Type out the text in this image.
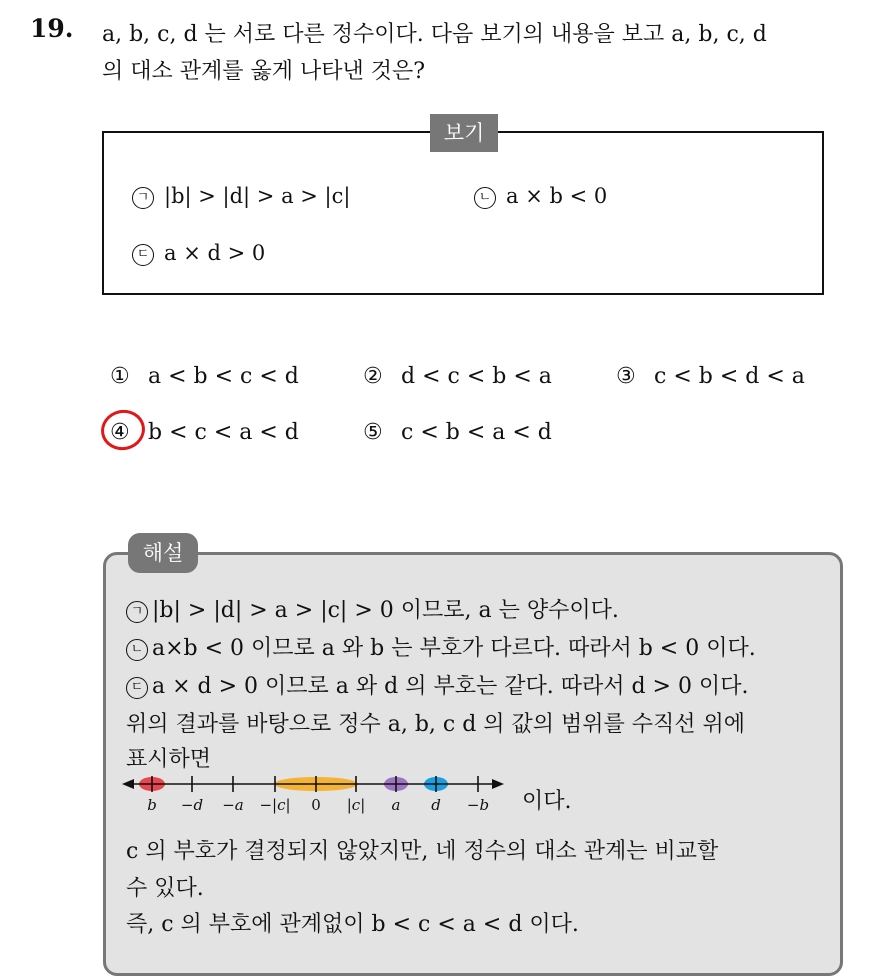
19. a, b, c, d 는 서로 다른 정수이다. 다음 보기의 내용을 보고 a, b, c, d
의 대소 관계를 옳게 나타낸 것은?
보기
ㄱ |b| > |d| > a > |c|	ㄴ a × b < 0
ㄷ a × d > 0
① a < b < c < d	② d < c < b < a	③ c < b < d < a
④ b < c < a < d	⑤ c < b < a < d
해설
ㄱ |b| > |d| > a > |c| > 0 이므로, a 는 양수이다.
ㄴ a×b < 0 이므로 a 와 b 는 부호가 다르다. 따라서 b < 0 이다.
ㄷ a × d > 0 이므로 a 와 d 의 부호는 같다. 따라서 d > 0 이다.
위의 결과를 바탕으로 정수 a, b, c d 의 값의 범위를 수직선 위에
표시하면
b −d −a −|c| 0 |c| a d −b 이다.
c 의 부호가 결정되지 않았지만, 네 정수의 대소 관계는 비교할
수 있다.
즉, c 의 부호에 관계없이 b < c < a < d 이다.
